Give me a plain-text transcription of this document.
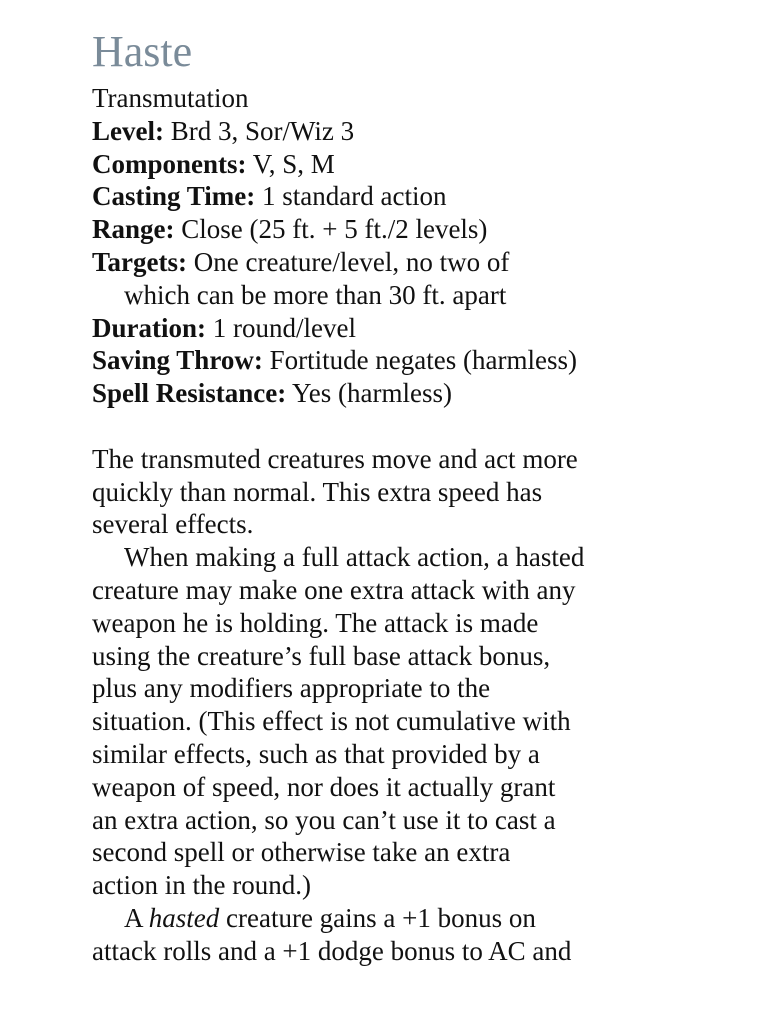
Haste

Transmutation

Level: Brd 3, Sor/Wiz 3

Components: V, S, M

Casting Time: 1 standard action

Range: Close (25 ft. + 5 ft./2 levels)

Targets: One creature/level, no two of

which can be more than 30 ft. apart

Duration: 1 round/level

Saving Throw: Fortitude negates (harmless)

Spell Resistance: Yes (harmless)

The transmuted creatures move and act more

quickly than normal. This extra speed has

several effects.

When making a full attack action, a hasted

creature may make one extra attack with any

weapon he is holding. The attack is made

using the creature’s full base attack bonus,

plus any modifiers appropriate to the

situation. (This effect is not cumulative with

similar effects, such as that provided by a

weapon of speed, nor does it actually grant

an extra action, so you can’t use it to cast a

second spell or otherwise take an extra

action in the round.)

A hasted creature gains a +1 bonus on

attack rolls and a +1 dodge bonus to AC and
